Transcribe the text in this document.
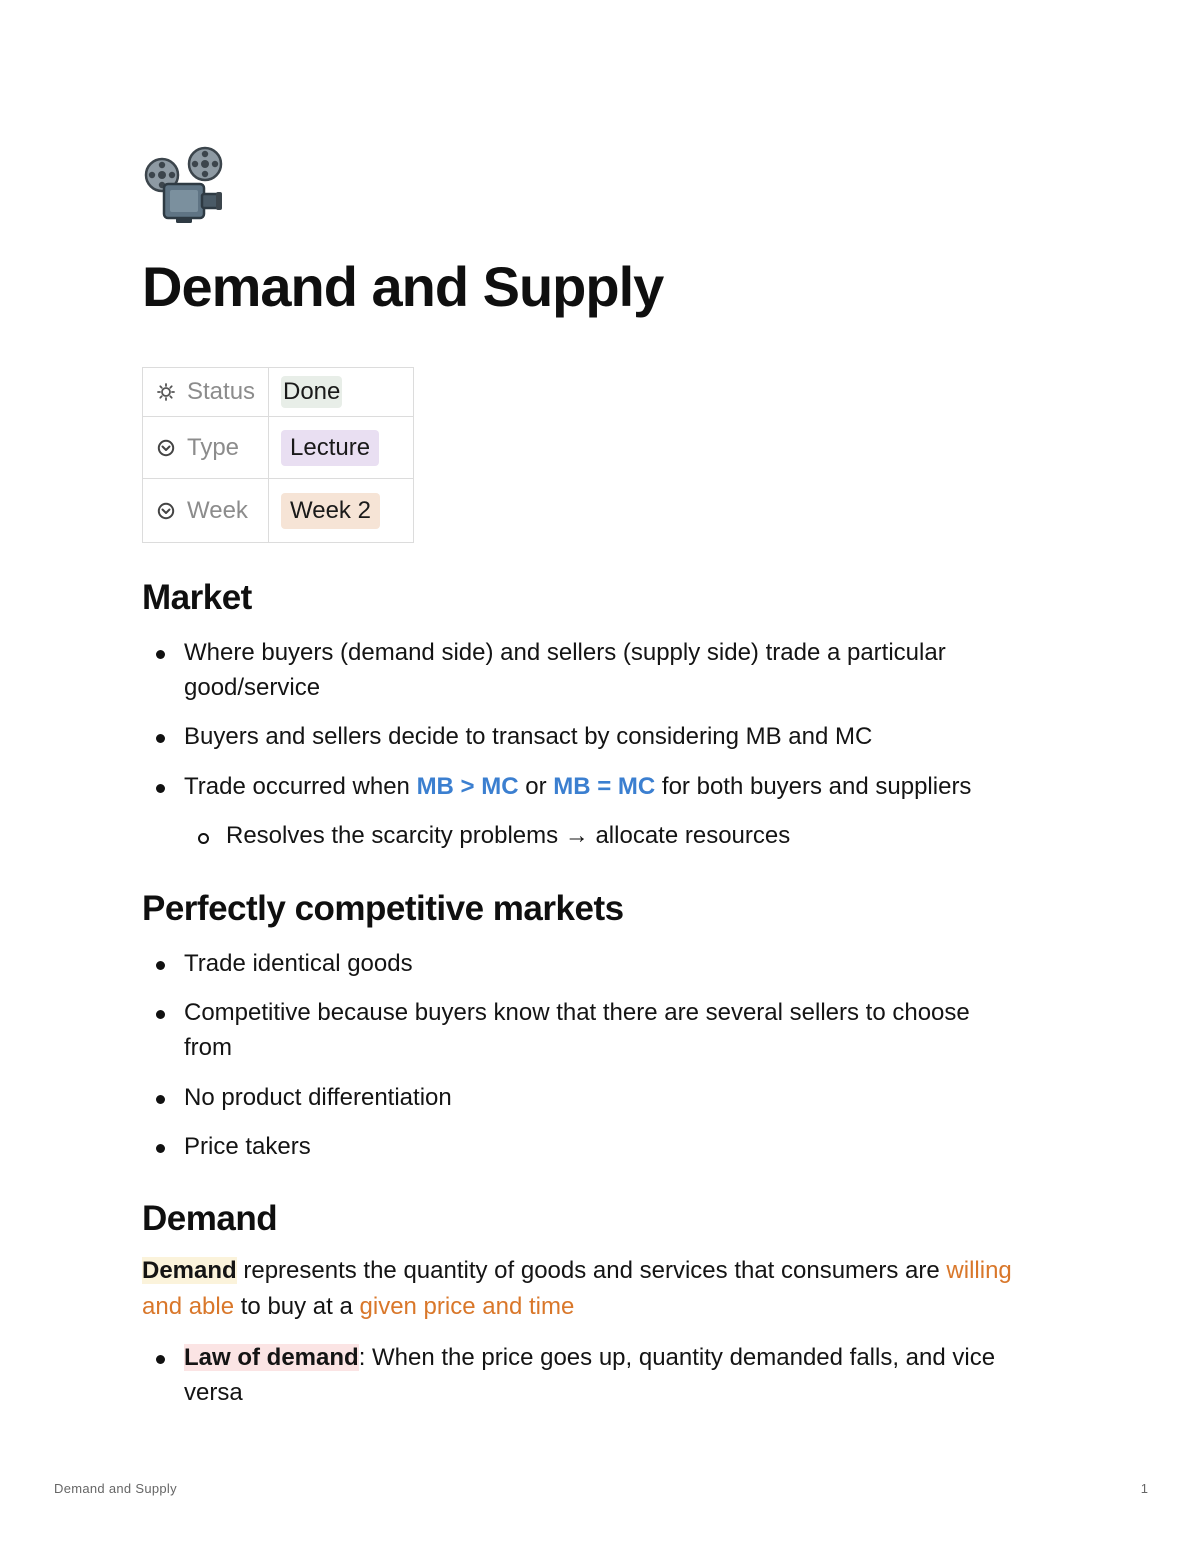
Demand and Supply
Status	Done
Type	Lecture
Week	Week 2
Market
Where buyers (demand side) and sellers (supply side) trade a particular
good/service
Buyers and sellers decide to transact by considering MB and MC
Trade occurred when MB > MC or MB = MC for both buyers and suppliers
Resolves the scarcity problems → allocate resources
Perfectly competitive markets
Trade identical goods
Competitive because buyers know that there are several sellers to choose
from
No product differentiation
Price takers
Demand
Demand represents the quantity of goods and services that consumers are willing
and able to buy at a given price and time
Law of demand: When the price goes up, quantity demanded falls, and vice
versa
Demand and Supply	1
